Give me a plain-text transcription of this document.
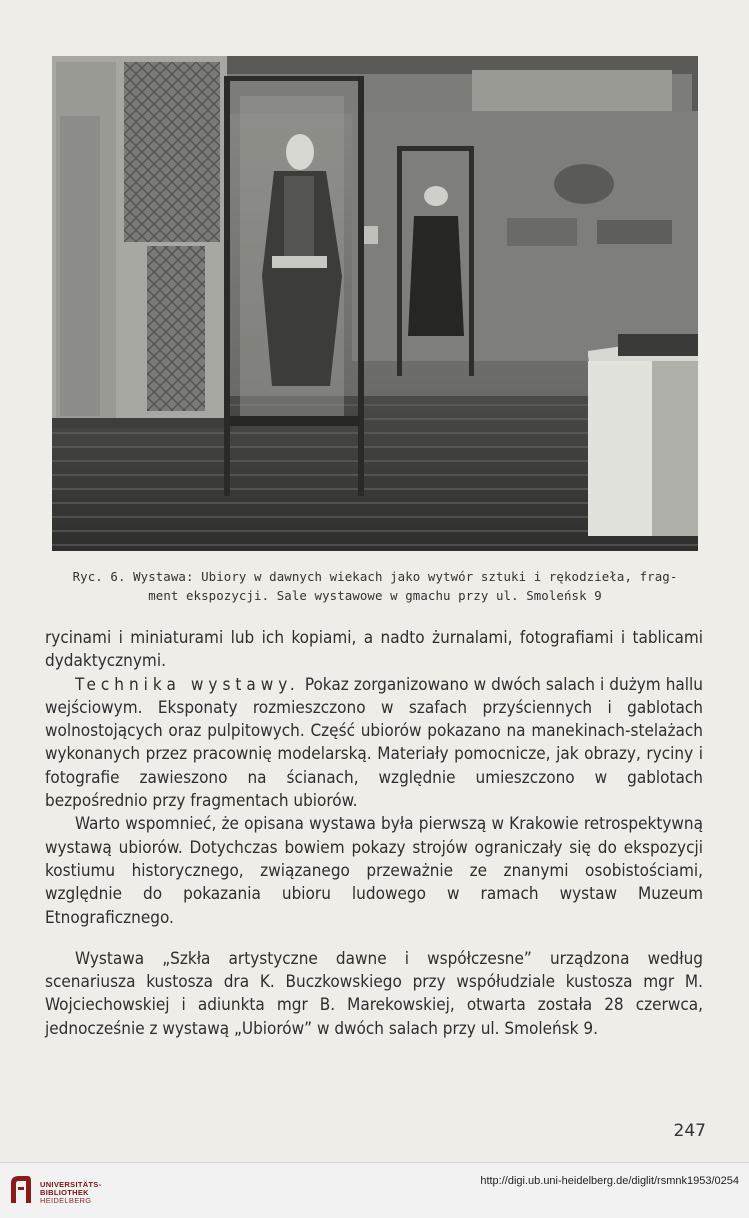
Ryc. 6. Wystawa: Ubiory w dawnych wiekach jako wytwór sztuki i rękodzieła, frag-
ment ekspozycji. Sale wystawowe w gmachu przy ul. Smoleńsk 9

rycinami i miniaturami lub ich kopiami, a nadto żurnalami, fotografiami i tablicami dydaktycznymi.

Technika wystawy. Pokaz zorganizowano w dwóch salach i dużym hallu wejściowym. Eksponaty rozmieszczono w szafach przyściennych i gablotach wolnostojących oraz pulpitowych. Część ubiorów pokazano na manekinach-stelażach wykonanych przez pracownię modelarską. Materiały pomocnicze, jak obrazy, ryciny i fotografie zawieszono na ścianach, względnie umieszczono w gablotach bezpośrednio przy fragmentach ubiorów.

Warto wspomnieć, że opisana wystawa była pierwszą w Krakowie retrospektywną wystawą ubiorów. Dotychczas bowiem pokazy strojów ograniczały się do ekspozycji kostiumu historycznego, związanego przeważnie ze znanymi osobistościami, względnie do pokazania ubioru ludowego w ramach wystaw Muzeum Etnograficznego.

Wystawa „Szkła artystyczne dawne i współczesne” urządzona według scenariusza kustosza dra K. Buczkowskiego przy współudziale kustosza mgr M. Wojciechowskiej i adiunkta mgr B. Marekowskiej, otwarta została 28 czerwca, jednocześnie z wystawą „Ubiorów” w dwóch salach przy ul. Smoleńsk 9.

247
UNIVERSITÄTS-
BIBLIOTHEK
HEIDELBERG
http://digi.ub.uni-heidelberg.de/diglit/rsmnk1953/0254
